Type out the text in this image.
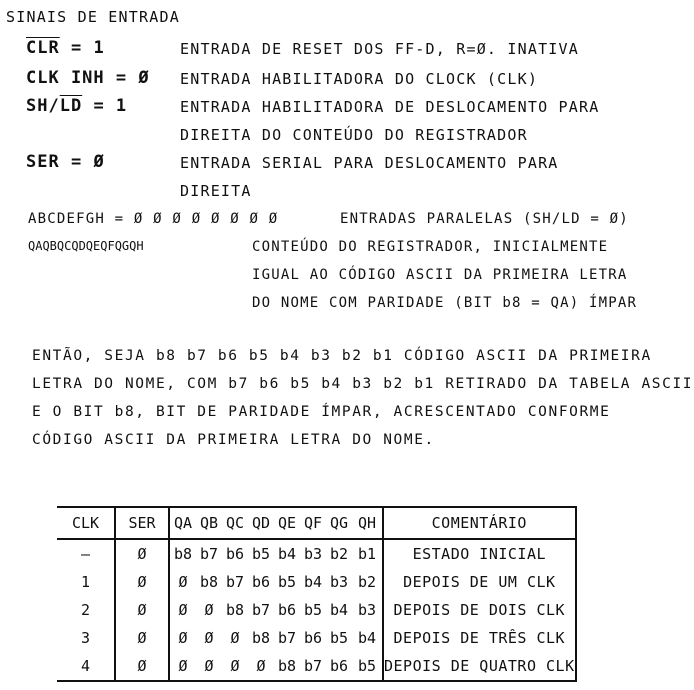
SINAIS DE ENTRADA
$\overline{CLR} = 1$	ENTRADA DE RESET DOS FF-D, R=Ø. INATIVA
CLK INH = Ø ENTRADA HABILITADORA DO CLOCK (CLK)
$SH/\overline{LD} = 1$	ENTRADA HABILITADORA DE DESLOCAMENTO PARA
DIREITA DO CONTEÚDO DO REGISTRADOR
SER = Ø	ENTRADA SERIAL PARA DESLOCAMENTO PARA
DIREITA
ABCDEFGH = Ø Ø Ø Ø Ø Ø Ø Ø	ENTRADAS PARALELAS (SH/LD = Ø)
QAQBQCQDQEQFQGQH	CONTEÚDO DO REGISTRADOR, INICIALMENTE
IGUAL AO CÓDIGO ASCII DA PRIMEIRA LETRA
DO NOME COM PARIDADE (BIT b8 = QA) ÍMPAR
ENTÃO, SEJA b8 b7 b6 b5 b4 b3 b2 b1 CÓDIGO ASCII DA PRIMEIRA
LETRA DO NOME, COM b7 b6 b5 b4 b3 b2 b1 RETIRADO DA TABELA ASCII
E O BIT b8, BIT DE PARIDADE ÍMPAR, ACRESCENTADO CONFORME
CÓDIGO ASCII DA PRIMEIRA LETRA DO NOME.
CLK	SER	QA	QB	QC	QD	QE	QF	QG	QH	COMENTÁRIO
–	Ø	b8	b7	b6	b5	b4	b3	b2	b1	ESTADO INICIAL
1	Ø	Ø	b8	b7	b6	b5	b4	b3	b2	DEPOIS DE UM CLK
2	Ø	Ø	Ø	b8	b7	b6	b5	b4	b3	DEPOIS DE DOIS CLK
3	Ø	Ø	Ø	Ø	b8	b7	b6	b5	b4	DEPOIS DE TRÊS CLK
4	Ø	Ø	Ø	Ø	Ø	b8	b7	b6	b5	DEPOIS DE QUATRO CLK
